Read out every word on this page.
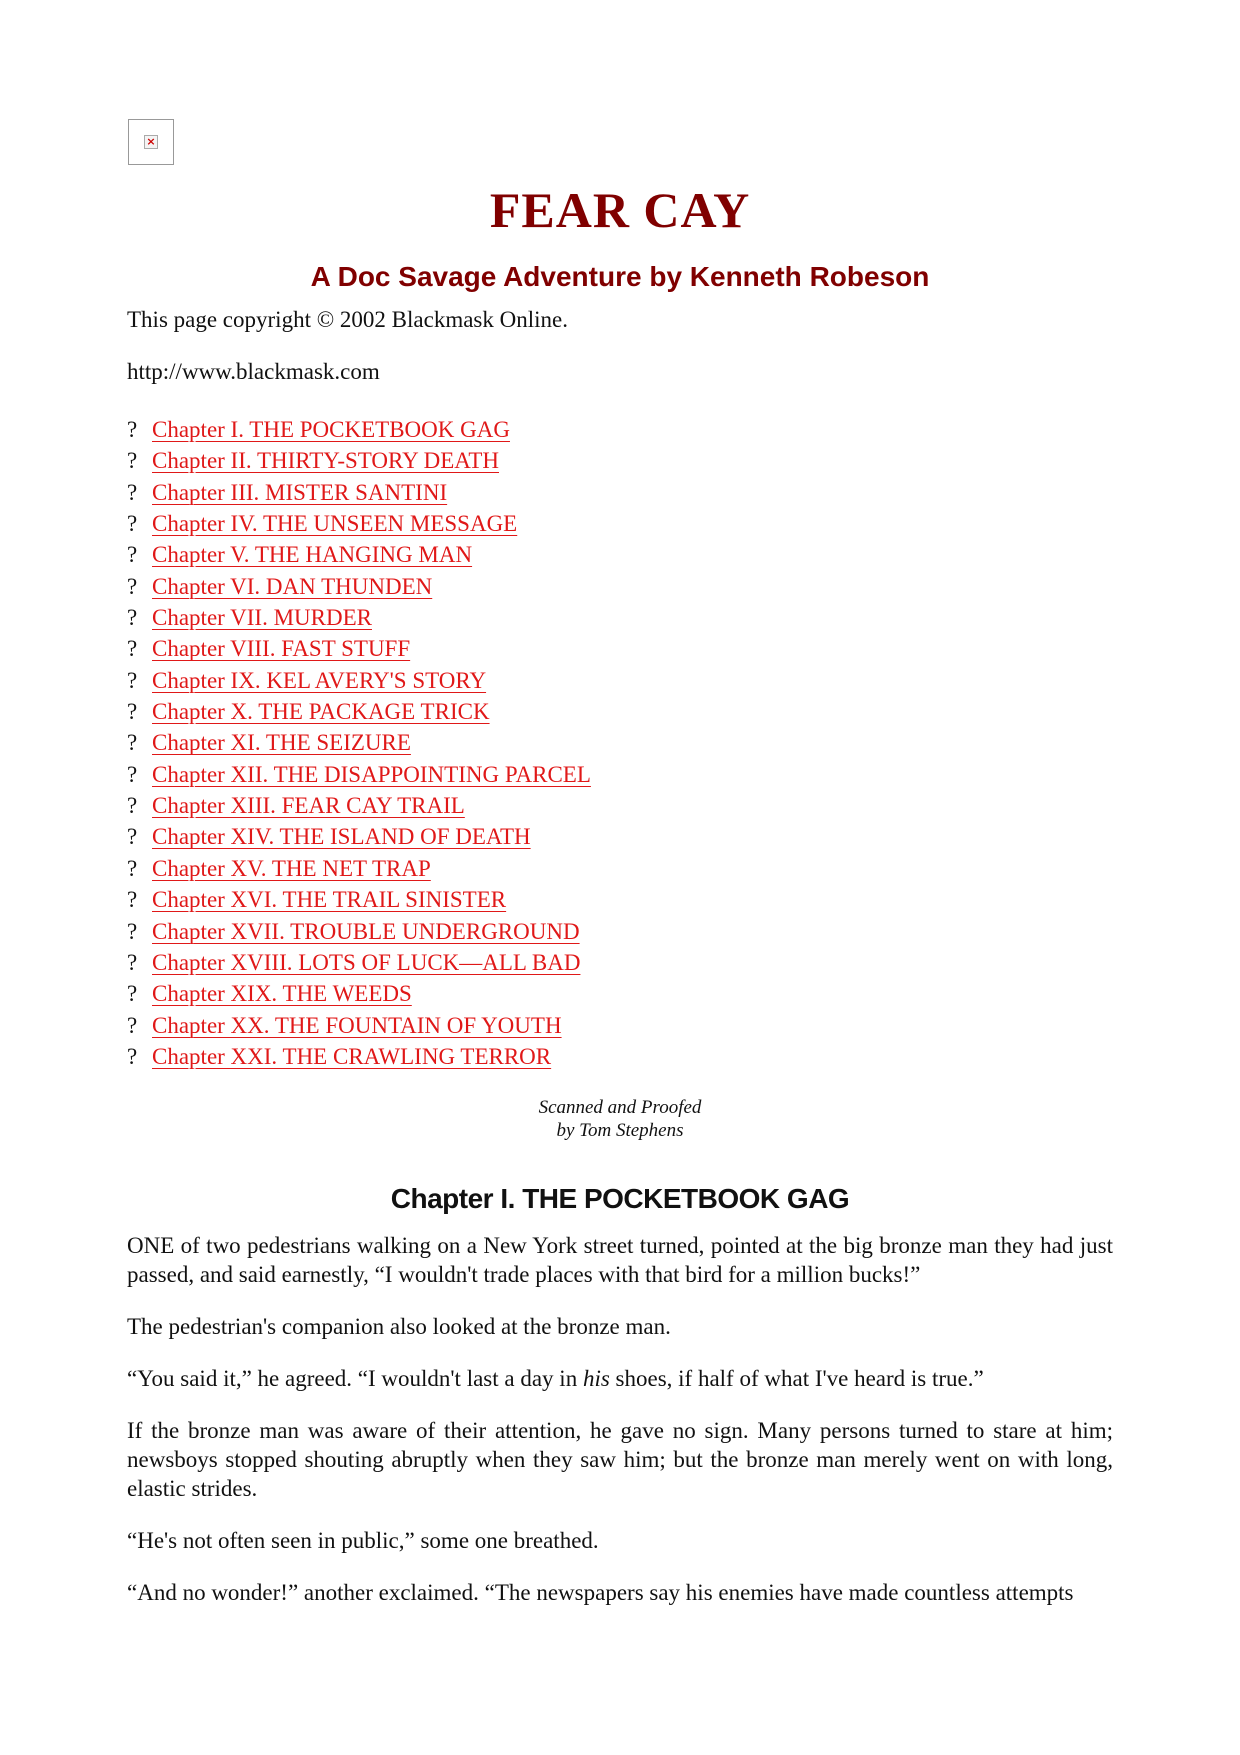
×
FEAR CAY
A Doc Savage Adventure by Kenneth Robeson
This page copyright © 2002 Blackmask Online.
http://www.blackmask.com
? Chapter I. THE POCKETBOOK GAG
? Chapter II. THIRTY-STORY DEATH
? Chapter III. MISTER SANTINI
? Chapter IV. THE UNSEEN MESSAGE
? Chapter V. THE HANGING MAN
? Chapter VI. DAN THUNDEN
? Chapter VII. MURDER
? Chapter VIII. FAST STUFF
? Chapter IX. KEL AVERY'S STORY
? Chapter X. THE PACKAGE TRICK
? Chapter XI. THE SEIZURE
? Chapter XII. THE DISAPPOINTING PARCEL
? Chapter XIII. FEAR CAY TRAIL
? Chapter XIV. THE ISLAND OF DEATH
? Chapter XV. THE NET TRAP
? Chapter XVI. THE TRAIL SINISTER
? Chapter XVII. TROUBLE UNDERGROUND
? Chapter XVIII. LOTS OF LUCK—ALL BAD
? Chapter XIX. THE WEEDS
? Chapter XX. THE FOUNTAIN OF YOUTH
? Chapter XXI. THE CRAWLING TERROR
Scanned and Proofed
by Tom Stephens
Chapter I. THE POCKETBOOK GAG

ONE of two pedestrians walking on a New York street turned, pointed at the big bronze man they had just passed, and said earnestly, “I wouldn't trade places with that bird for a million bucks!”

The pedestrian's companion also looked at the bronze man.

“You said it,” he agreed. “I wouldn't last a day in his shoes, if half of what I've heard is true.”

If the bronze man was aware of their attention, he gave no sign. Many persons turned to stare at him; newsboys stopped shouting abruptly when they saw him; but the bronze man merely went on with long, elastic strides.

“He's not often seen in public,” some one breathed.

“And no wonder!” another exclaimed. “The newspapers say his enemies have made countless attempts
